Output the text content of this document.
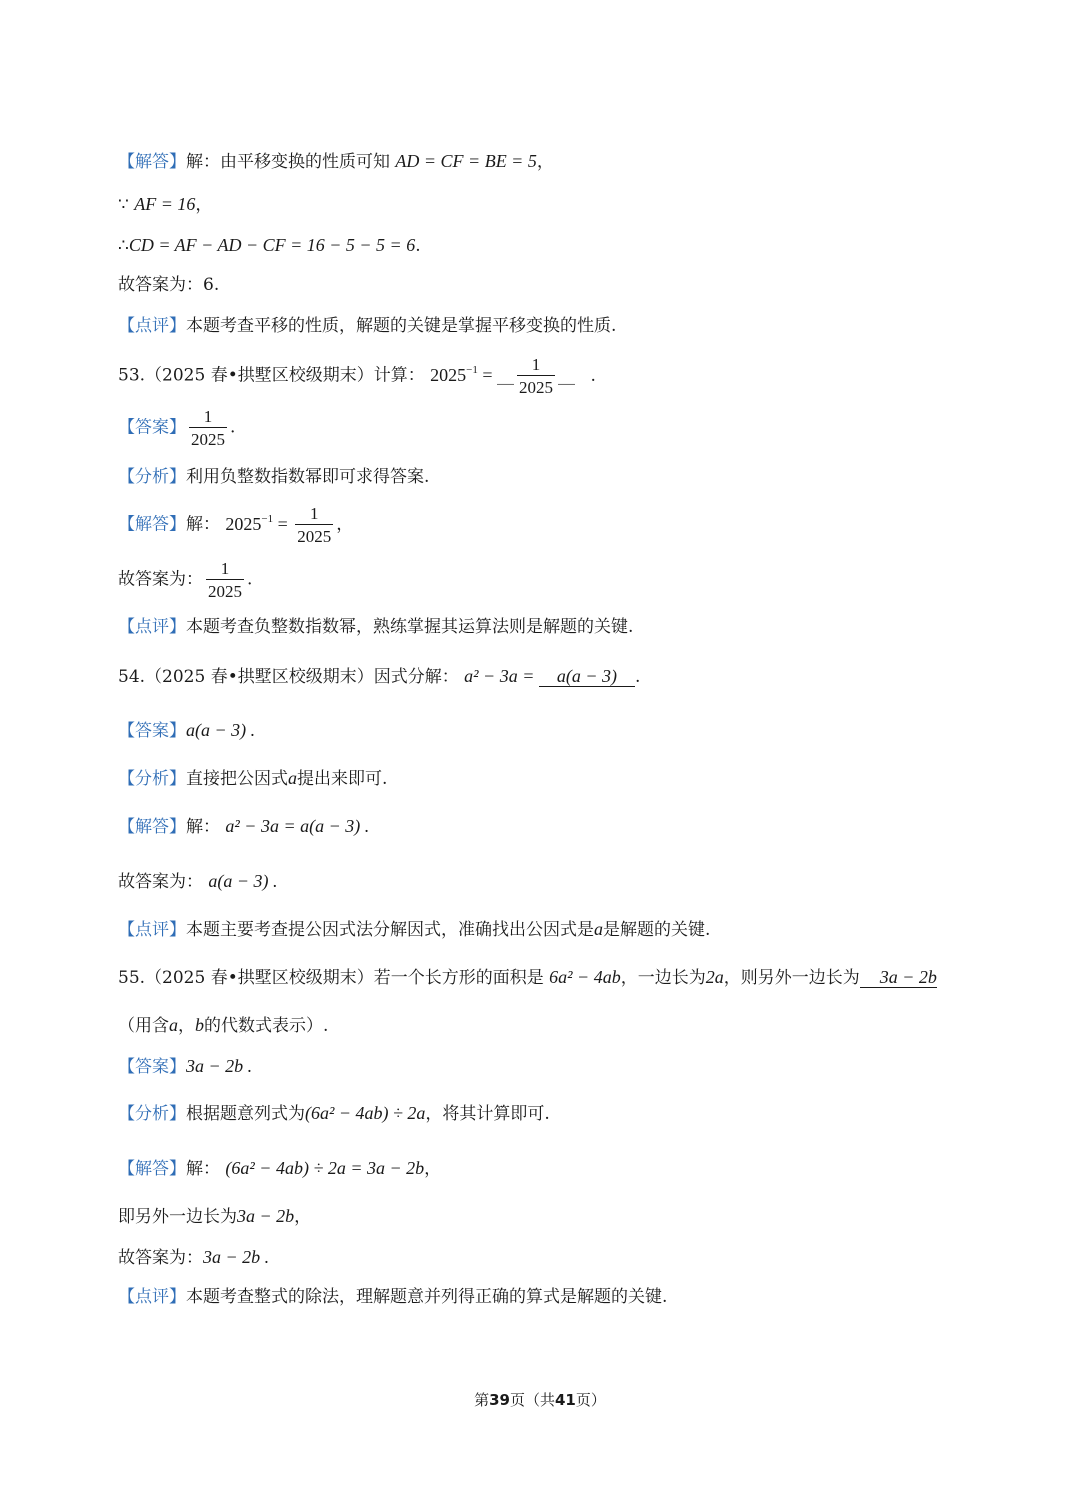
【解答】解：由平移变换的性质可知 AD = CF = BE = 5，
∵ AF = 16，
∴CD = AF − AD − CF = 16 − 5 − 5 = 6.
故答案为：6.
【点评】本题考查平移的性质，解题的关键是掌握平移变换的性质.
53.（2025 春•拱墅区校级期末）计算： $2025^{-1}$ = __ $\frac{1}{2025}$ __ .
【答案】 $\frac{1}{2025}$ .
【分析】利用负整数指数幂即可求得答案.
【解答】解： $2025^{-1} = \frac{1}{2025}$ ，
故答案为： $\frac{1}{2025}$ .
【点评】本题考查负整数指数幂，熟练掌握其运算法则是解题的关键.
54.（2025 春•拱墅区校级期末）因式分解： a² − 3a = a(a − 3) .
【答案】a(a − 3) .
【分析】直接把公因式a提出来即可.
【解答】解： a² − 3a = a(a − 3) .
故答案为： a(a − 3) .
【点评】本题主要考查提公因式法分解因式，准确找出公因式是a是解题的关键.
55.（2025 春•拱墅区校级期末）若一个长方形的面积是 6a² − 4ab，一边长为2a，则另外一边长为 3a − 2b
（用含a，b的代数式表示）.
【答案】3a − 2b .
【分析】根据题意列式为(6a² − 4ab) ÷ 2a，将其计算即可.
【解答】解： (6a² − 4ab) ÷ 2a = 3a − 2b，
即另外一边长为3a − 2b，
故答案为：3a − 2b .
【点评】本题考查整式的除法，理解题意并列得正确的算式是解题的关键.
第39页（共41页）
